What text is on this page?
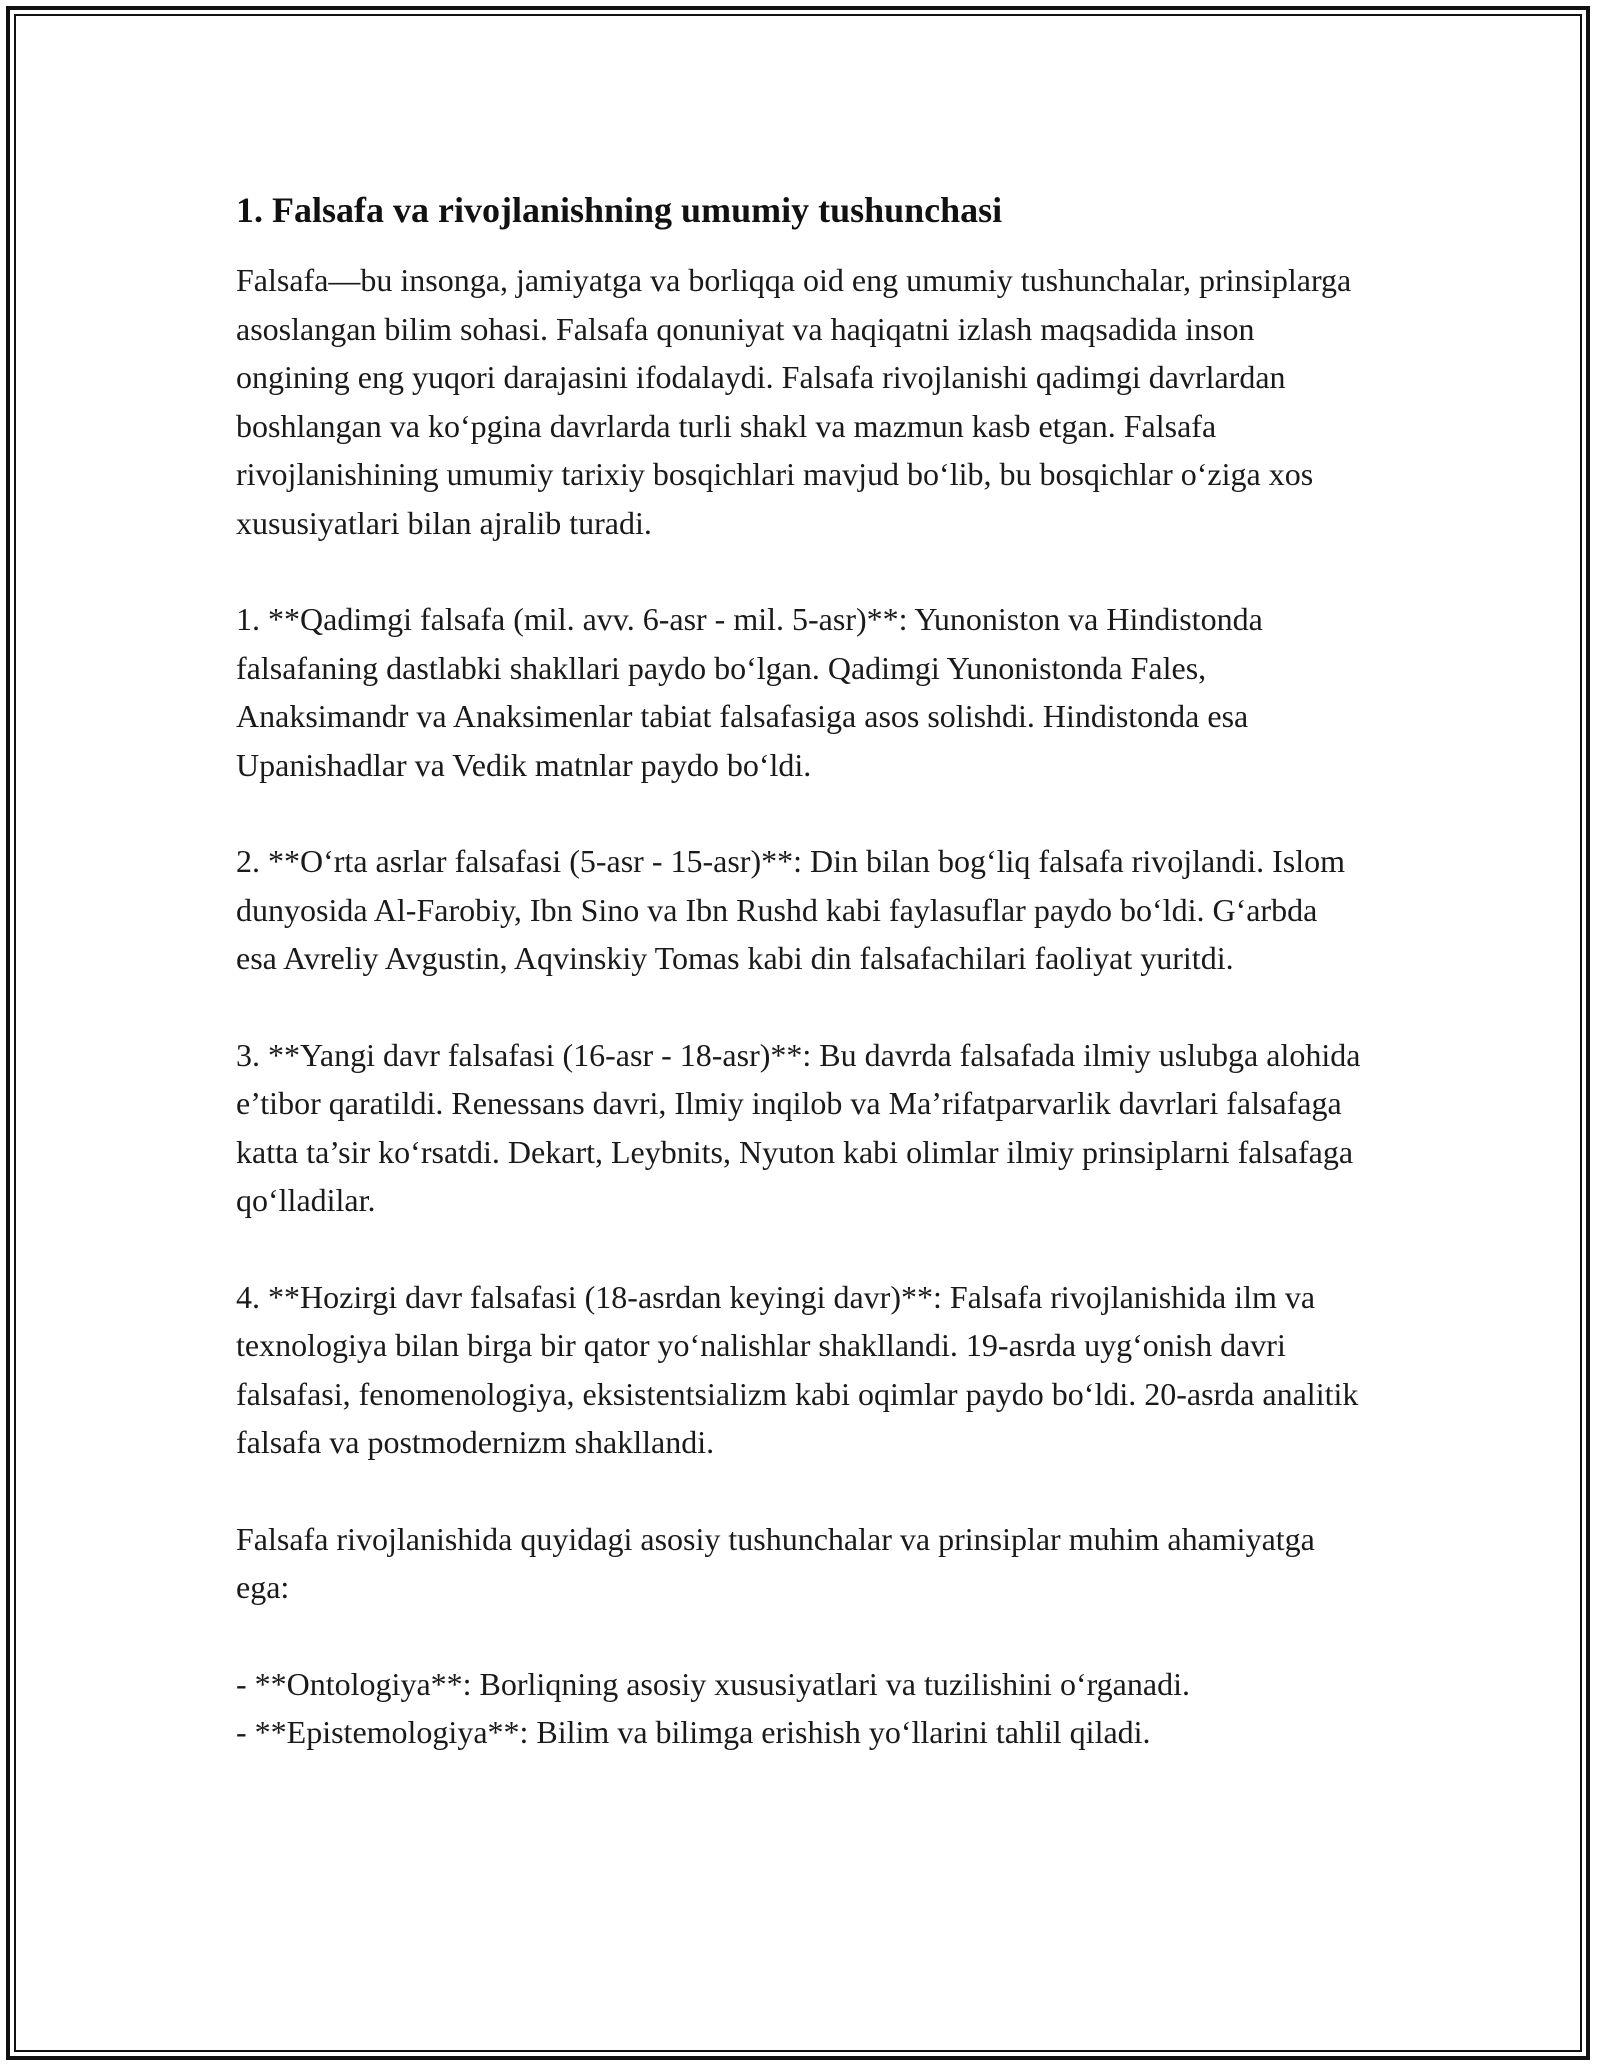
1. Falsafa va rivojlanishning umumiy tushunchasi

Falsafa—bu insonga, jamiyatga va borliqqa oid eng umumiy tushunchalar, prinsiplarga asoslangan bilim sohasi. Falsafa qonuniyat va haqiqatni izlash maqsadida inson ongining eng yuqori darajasini ifodalaydi. Falsafa rivojlanishi qadimgi davrlardan boshlangan va koʻpgina davrlarda turli shakl va mazmun kasb etgan. Falsafa rivojlanishining umumiy tarixiy bosqichlari mavjud boʻlib, bu bosqichlar oʻziga xos xususiyatlari bilan ajralib turadi.

1. **Qadimgi falsafa (mil. avv. 6-asr - mil. 5-asr)**: Yunoniston va Hindistonda falsafaning dastlabki shakllari paydo boʻlgan. Qadimgi Yunonistonda Fales, Anaksimandr va Anaksimenlar tabiat falsafasiga asos solishdi. Hindistonda esa Upanishadlar va Vedik matnlar paydo boʻldi.

2. **Oʻrta asrlar falsafasi (5-asr - 15-asr)**: Din bilan bogʻliq falsafa rivojlandi. Islom dunyosida Al-Farobiy, Ibn Sino va Ibn Rushd kabi faylasuflar paydo boʻldi. Gʻarbda esa Avreliy Avgustin, Aqvinskiy Tomas kabi din falsafachilari faoliyat yuritdi.

3. **Yangi davr falsafasi (16-asr - 18-asr)**: Bu davrda falsafada ilmiy uslubga alohida e’tibor qaratildi. Renessans davri, Ilmiy inqilob va Ma’rifatparvarlik davrlari falsafaga katta ta’sir koʻrsatdi. Dekart, Leybnits, Nyuton kabi olimlar ilmiy prinsiplarni falsafaga qoʻlladilar.

4. **Hozirgi davr falsafasi (18-asrdan keyingi davr)**: Falsafa rivojlanishida ilm va texnologiya bilan birga bir qator yoʻnalishlar shakllandi. 19-asrda uygʻonish davri falsafasi, fenomenologiya, eksistentsializm kabi oqimlar paydo boʻldi. 20-asrda analitik falsafa va postmodernizm shakllandi.

Falsafa rivojlanishida quyidagi asosiy tushunchalar va prinsiplar muhim ahamiyatga ega:

- **Ontologiya**: Borliqning asosiy xususiyatlari va tuzilishini oʻrganadi.

- **Epistemologiya**: Bilim va bilimga erishish yoʻllarini tahlil qiladi.
